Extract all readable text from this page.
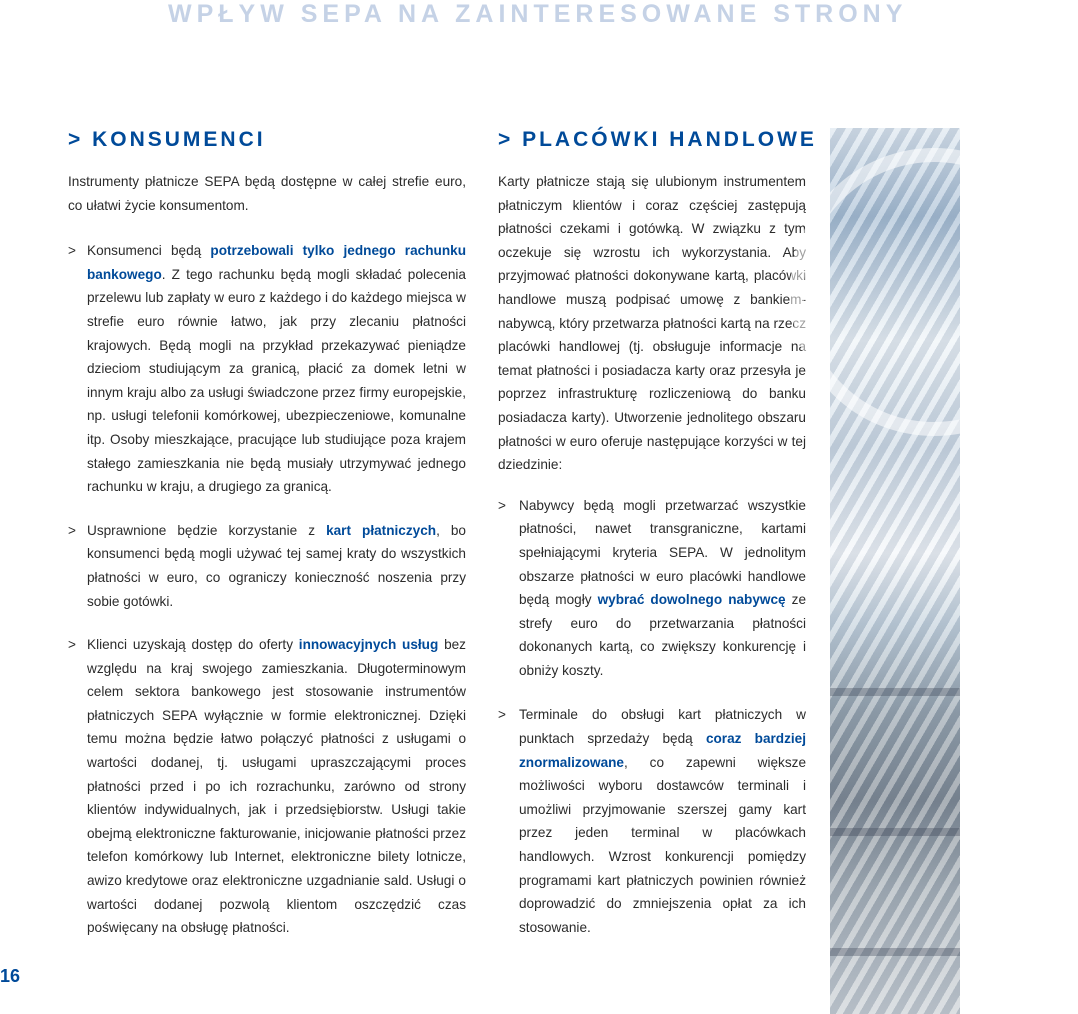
WPŁYW SEPA NA ZAINTERESOWANE STRONY
> KONSUMENCI

Instrumenty płatnicze SEPA będą dostępne w całej strefie euro, co ułatwi życie konsumentom.

> Konsumenci będą potrzebowali tylko jednego rachunku bankowego. Z tego rachunku będą mogli składać polecenia przelewu lub zapłaty w euro z każdego i do każdego miejsca w strefie euro równie łatwo, jak przy zlecaniu płatności krajowych. Będą mogli na przykład przekazywać pieniądze dzieciom studiującym za granicą, płacić za domek letni w innym kraju albo za usługi świadczone przez firmy europejskie, np. usługi telefonii komórkowej, ubezpieczeniowe, komunalne itp. Osoby mieszkające, pracujące lub studiujące poza krajem stałego zamieszkania nie będą musiały utrzymywać jednego rachunku w kraju, a drugiego za granicą.

> Usprawnione będzie korzystanie z kart płatniczych, bo konsumenci będą mogli używać tej samej kraty do wszystkich płatności w euro, co ograniczy konieczność noszenia przy sobie gotówki.

> Klienci uzyskają dostęp do oferty innowacyjnych usług bez względu na kraj swojego zamieszkania. Długoterminowym celem sektora bankowego jest stosowanie instrumentów płatniczych SEPA wyłącznie w formie elektronicznej. Dzięki temu można będzie łatwo połączyć płatności z usługami o wartości dodanej, tj. usługami upraszczającymi proces płatności przed i po ich rozrachunku, zarówno od strony klientów indywidualnych, jak i przedsiębiorstw. Usługi takie obejmą elektroniczne fakturowanie, inicjowanie płatności przez telefon komórkowy lub Internet, elektroniczne bilety lotnicze, awizo kredytowe oraz elektroniczne uzgadnianie sald. Usługi o wartości dodanej pozwolą klientom oszczędzić czas poświęcany na obsługę płatności.

> PLACÓWKI HANDLOWE

Karty płatnicze stają się ulubionym instrumentem płatniczym klientów i coraz częściej zastępują płatności czekami i gotówką. W związku z tym oczekuje się wzrostu ich wykorzystania. Aby przyjmować płatności dokonywane kartą, placówki handlowe muszą podpisać umowę z bankiem-nabywcą, który przetwarza płatności kartą na rzecz placówki handlowej (tj. obsługuje informacje na temat płatności i posiadacza karty oraz przesyła je poprzez infrastrukturę rozliczeniową do banku posiadacza karty). Utworzenie jednolitego obszaru płatności w euro oferuje następujące korzyści w tej dziedzinie:

> Nabywcy będą mogli przetwarzać wszystkie płatności, nawet transgraniczne, kartami spełniającymi kryteria SEPA. W jednolitym obszarze płatności w euro placówki handlowe będą mogły wybrać dowolnego nabywcę ze strefy euro do przetwarzania płatności dokonanych kartą, co zwiększy konkurencję i obniży koszty.

> Terminale do obsługi kart płatniczych w punktach sprzedaży będą coraz bardziej znormalizowane, co zapewni większe możliwości wyboru dostawców terminali i umożliwi przyjmowanie szerszej gamy kart przez jeden terminal w placówkach handlowych. Wzrost konkurencji pomiędzy programami kart płatniczych powinien również doprowadzić do zmniejszenia opłat za ich stosowanie.

16
